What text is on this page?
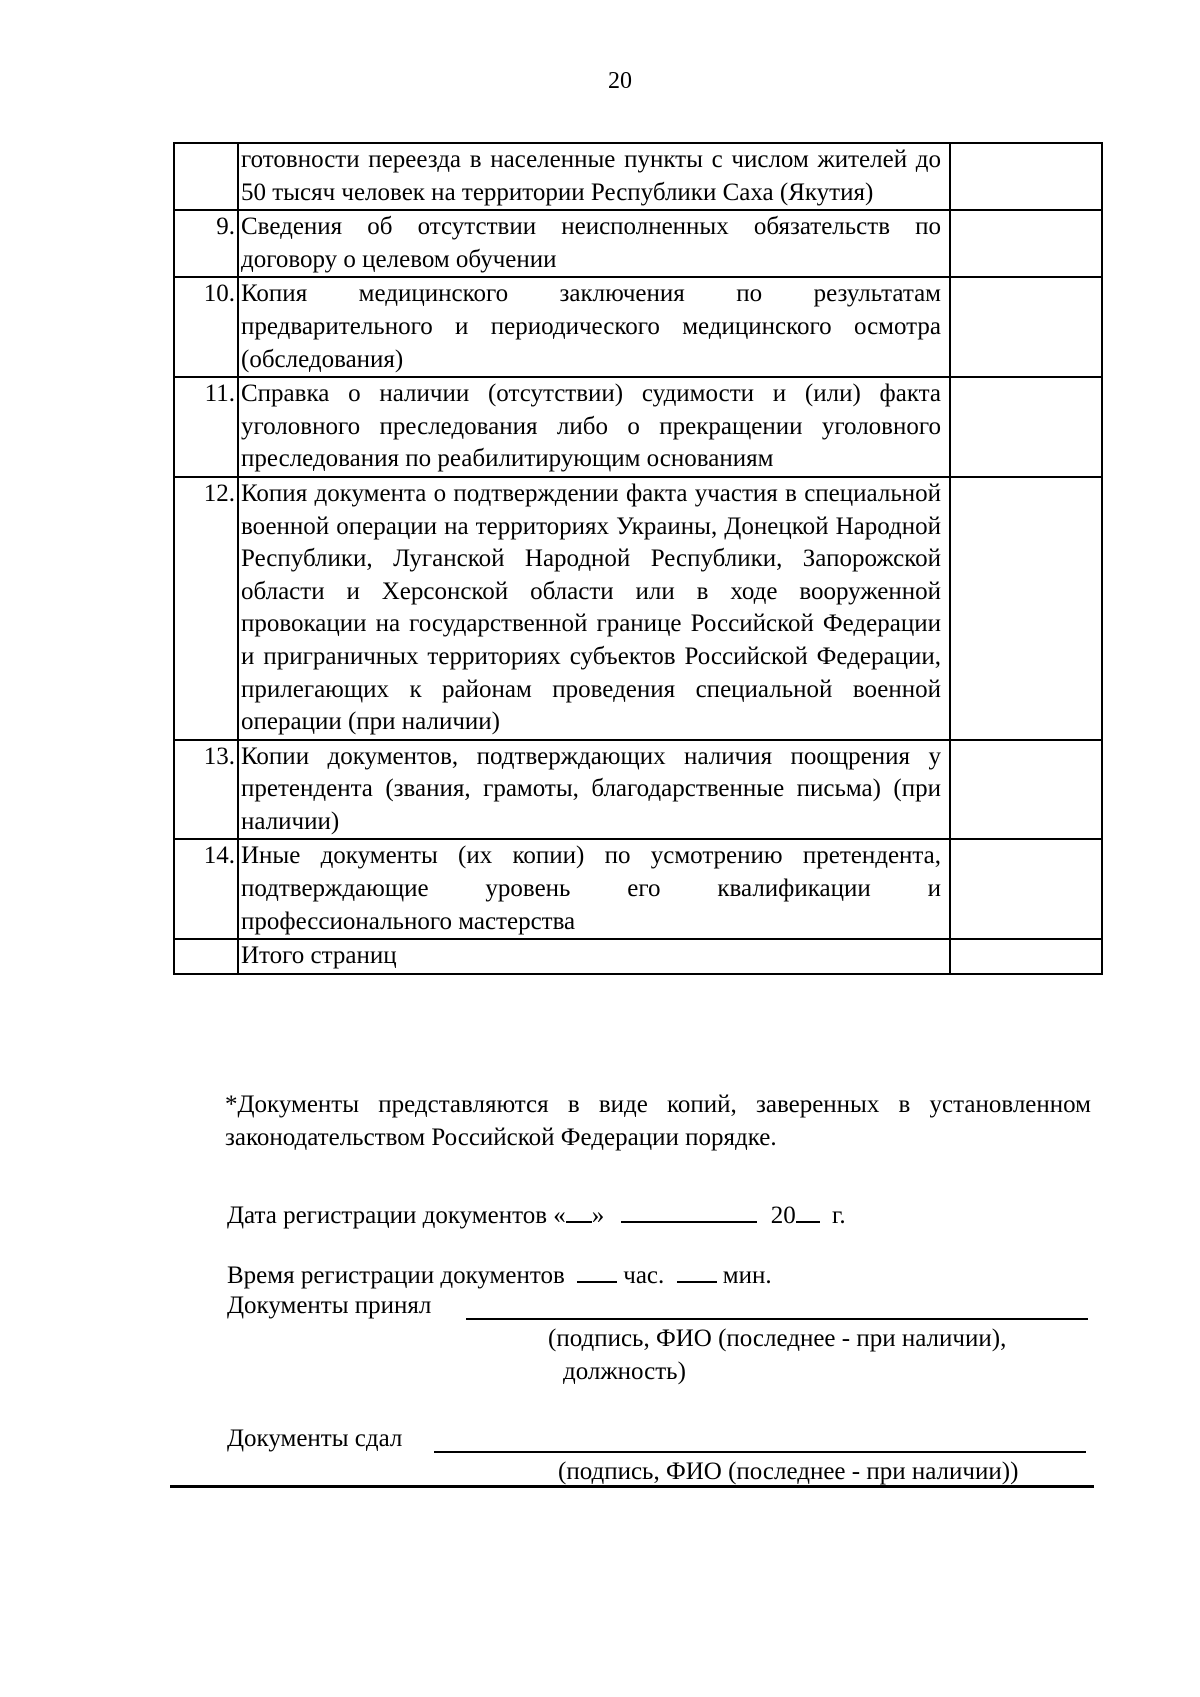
20

	готовности переезда в населенные пункты с числом жителей до 50 тысяч человек на территории Республики Саха (Якутия)	

9.	Сведения об отсутствии неисполненных обязательств по договору о целевом обучении	

10.	Копия медицинского заключения по результатам предварительного и периодического медицинского осмотра (обследования)	

11.	Справка о наличии (отсутствии) судимости и (или) факта уголовного преследования либо о прекращении уголовного преследования по реабилитирующим основаниям	

12.	Копия документа о подтверждении факта участия в специальной военной операции на территориях Украины, Донецкой Народной Республики, Луганской Народной Республики, Запорожской области и Херсонской области или в ходе вооруженной провокации на государственной границе Российской Федерации и приграничных территориях субъектов Российской Федерации, прилегающих к районам проведения специальной военной операции (при наличии)	

13.	Копии документов, подтверждающих наличия поощрения у претендента (звания, грамоты, благодарственные письма) (при наличии)	

14.	Иные документы (их копии) по усмотрению претендента, подтверждающие уровень его квалификации и профессионального мастерства	

	Итого страниц	

*Документы представляются в виде копий, заверенных в установленном законодательством Российской Федерации порядке.
Дата регистрации документов « »	20 г.
Время регистрации документов час. мин.
Документы принял
(подпись, ФИО (последнее - при наличии),
должность)
Документы сдал
(подпись, ФИО (последнее - при наличии))
